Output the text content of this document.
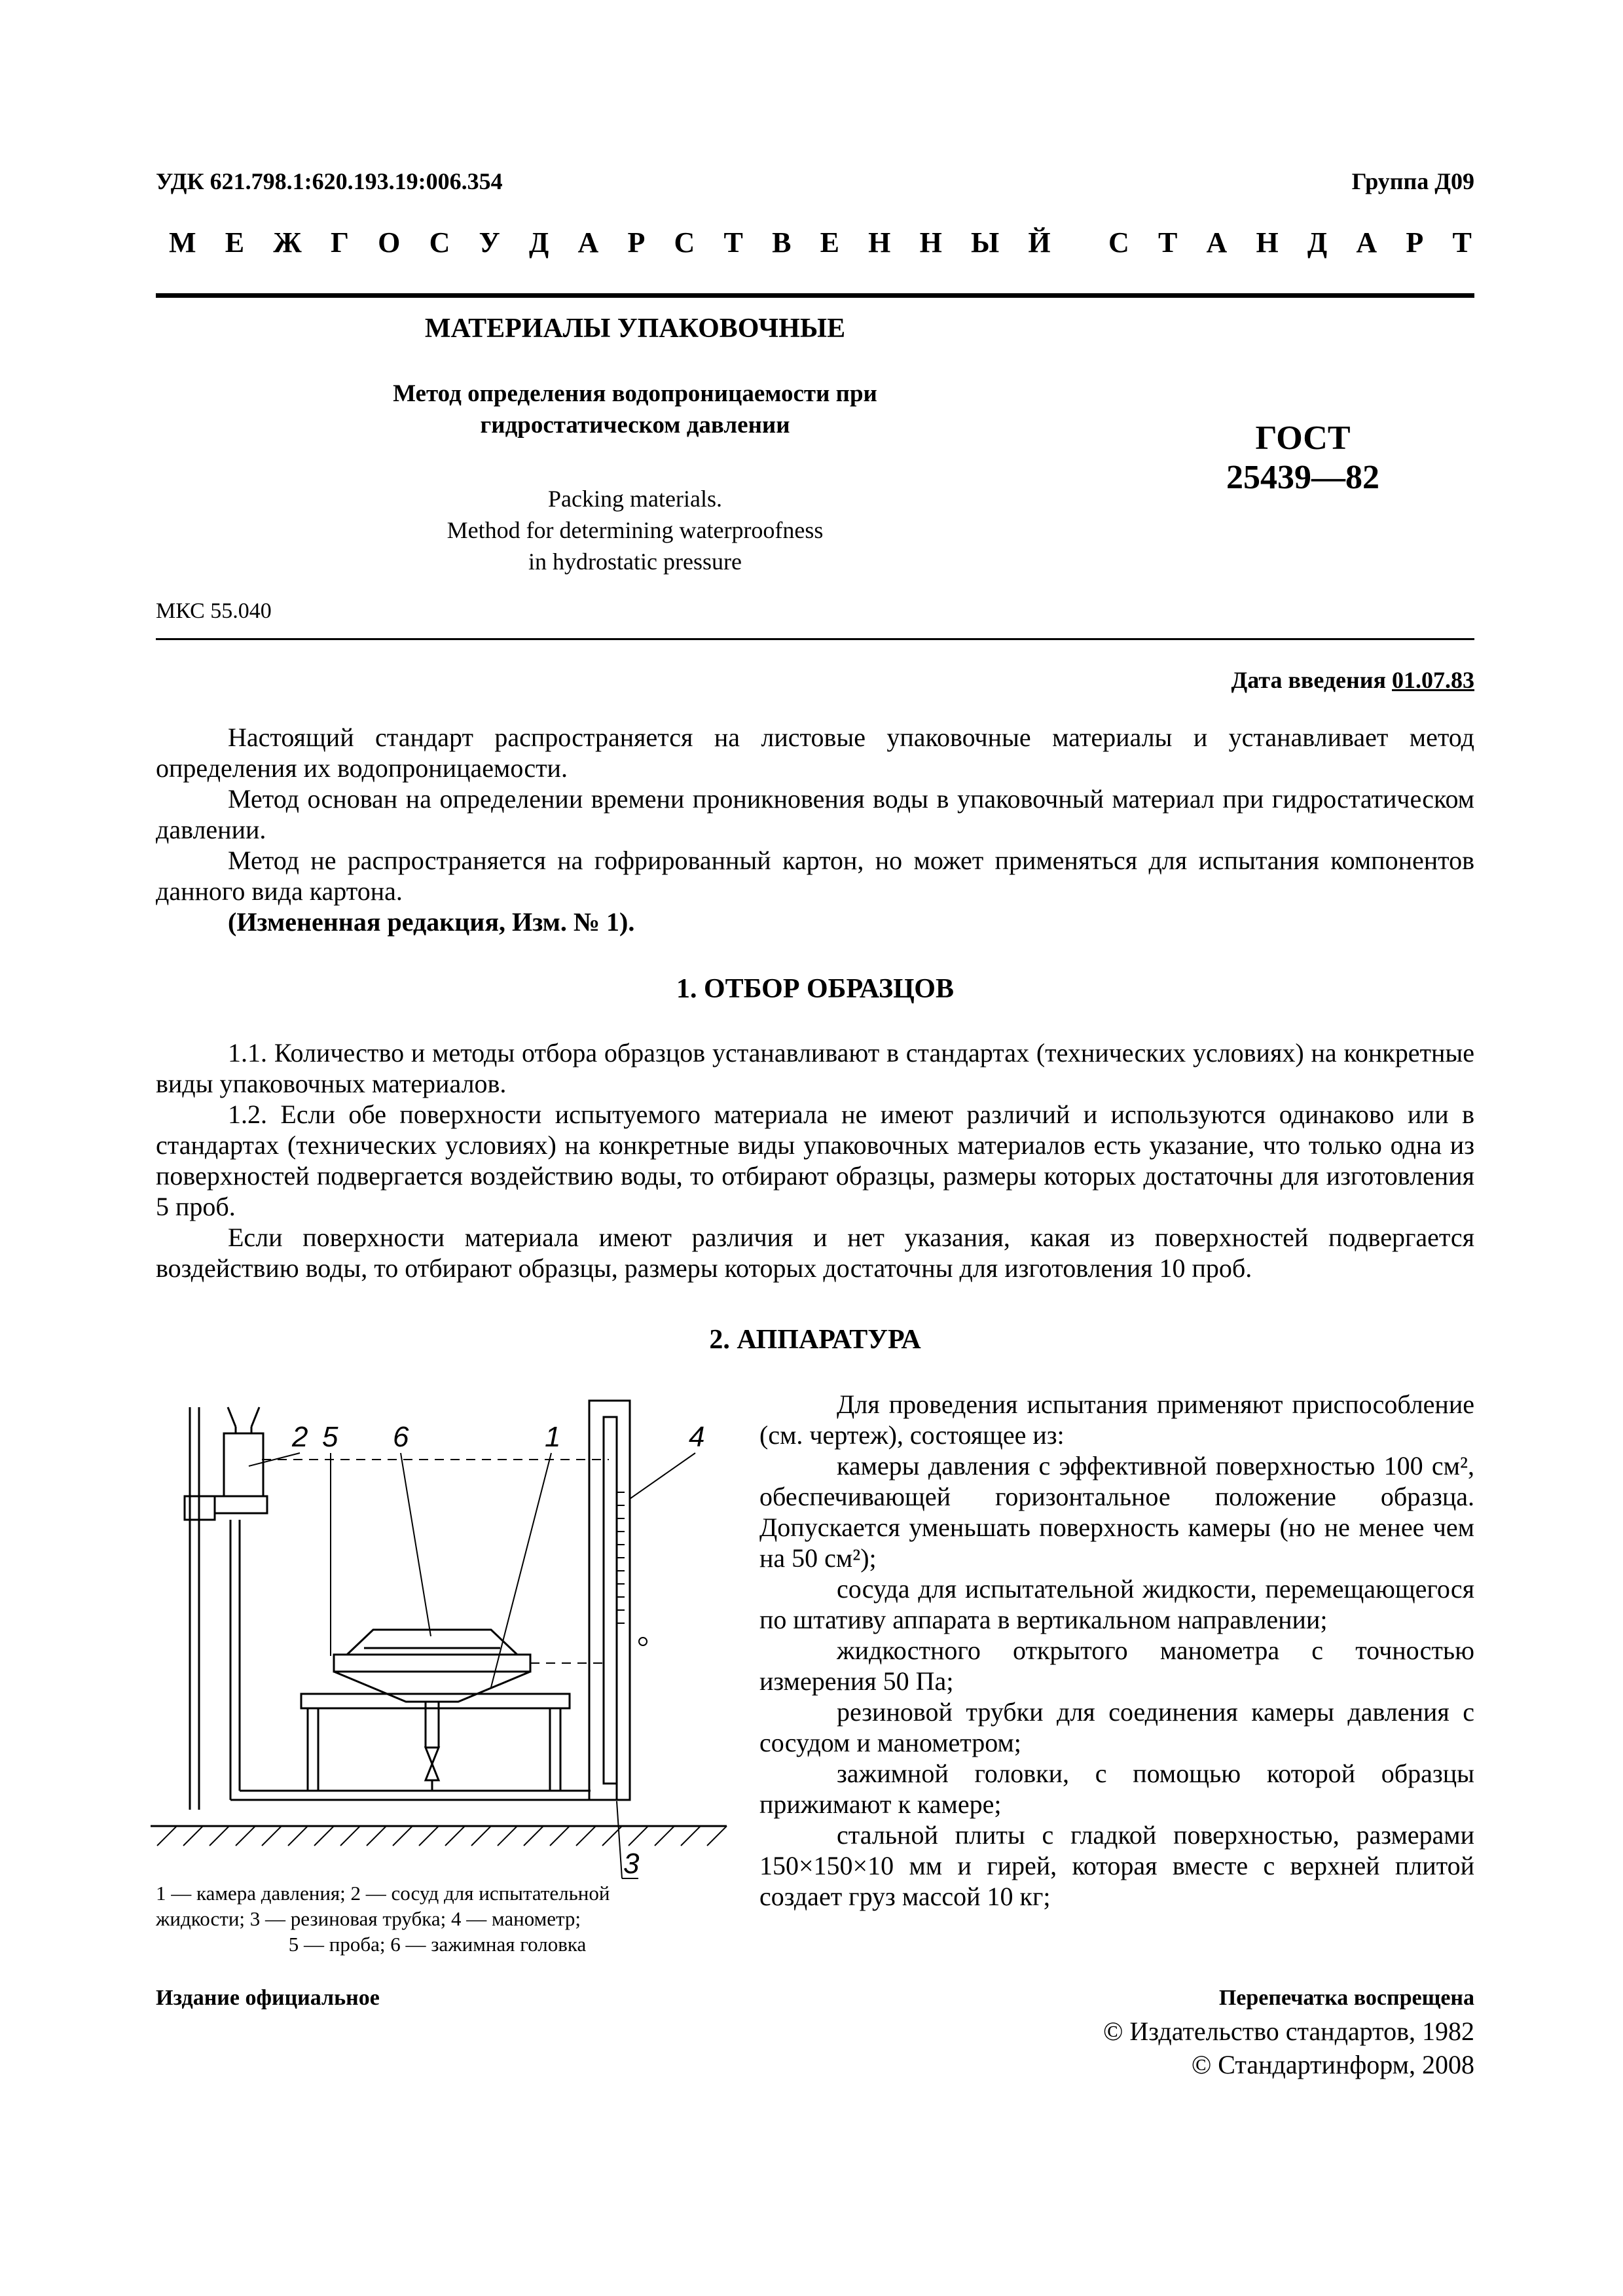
УДК 621.798.1:620.193.19:006.354	Группа Д09
М Е Ж Г О С У Д А Р С Т В Е Н Н Ы Й С Т А Н Д А Р Т
МАТЕРИАЛЫ УПАКОВОЧНЫЕ
Метод определения водопроницаемости при
гидростатическом давлении
Packing materials.
Method for determining waterproofness
in hydrostatic pressure
ГОСТ
25439—82
МКС 55.040
Дата введения 01.07.83

Настоящий стандарт распространяется на листовые упаковочные материалы и устанавливает метод определения их водопроницаемости.

Метод основан на определении времени проникновения воды в упаковочный материал при гидростатическом давлении.

Метод не распространяется на гофрированный картон, но может применяться для испытания компонентов данного вида картона.

(Измененная редакция, Изм. № 1).

1. ОТБОР ОБРАЗЦОВ

1.1. Количество и методы отбора образцов устанавливают в стандартах (технических условиях) на конкретные виды упаковочных материалов.

1.2. Если обе поверхности испытуемого материала не имеют различий и используются одинаково или в стандартах (технических условиях) на конкретные виды упаковочных материалов есть указание, что только одна из поверхностей подвергается воздействию воды, то отбирают образцы, размеры которых достаточны для изготовления 5 проб.

Если поверхности материала имеют различия и нет указания, какая из поверхностей подвергается воздействию воды, то отбирают образцы, размеры которых достаточны для изготовления 10 проб.

2. АППАРАТУРА
2 5 6	1	4
3
1 — камера давления; 2 — сосуд для испытательной
жидкости; 3 — резиновая трубка; 4 — манометр;
5 — проба; 6 — зажимная головка

Для проведения испытания применяют приспособление (см. чертеж), состоящее из:

камеры давления с эффективной поверхностью 100 см², обеспечивающей горизонтальное положение образца. Допускается уменьшать поверхность камеры (но не менее чем на 50 см²);

сосуда для испытательной жидкости, перемещающегося по штативу аппарата в вертикальном направлении;

жидкостного открытого манометра с точностью измерения 50 Па;

резиновой трубки для соединения камеры давления с сосудом и манометром;

зажимной головки, с помощью которой образцы прижимают к камере;

стальной плиты с гладкой поверхностью, размерами 150×150×10 мм и гирей, которая вместе с верхней плитой создает груз массой 10 кг;

Издание официальное	Перепечатка воспрещена
© Издательство стандартов, 1982
© Стандартинформ, 2008
